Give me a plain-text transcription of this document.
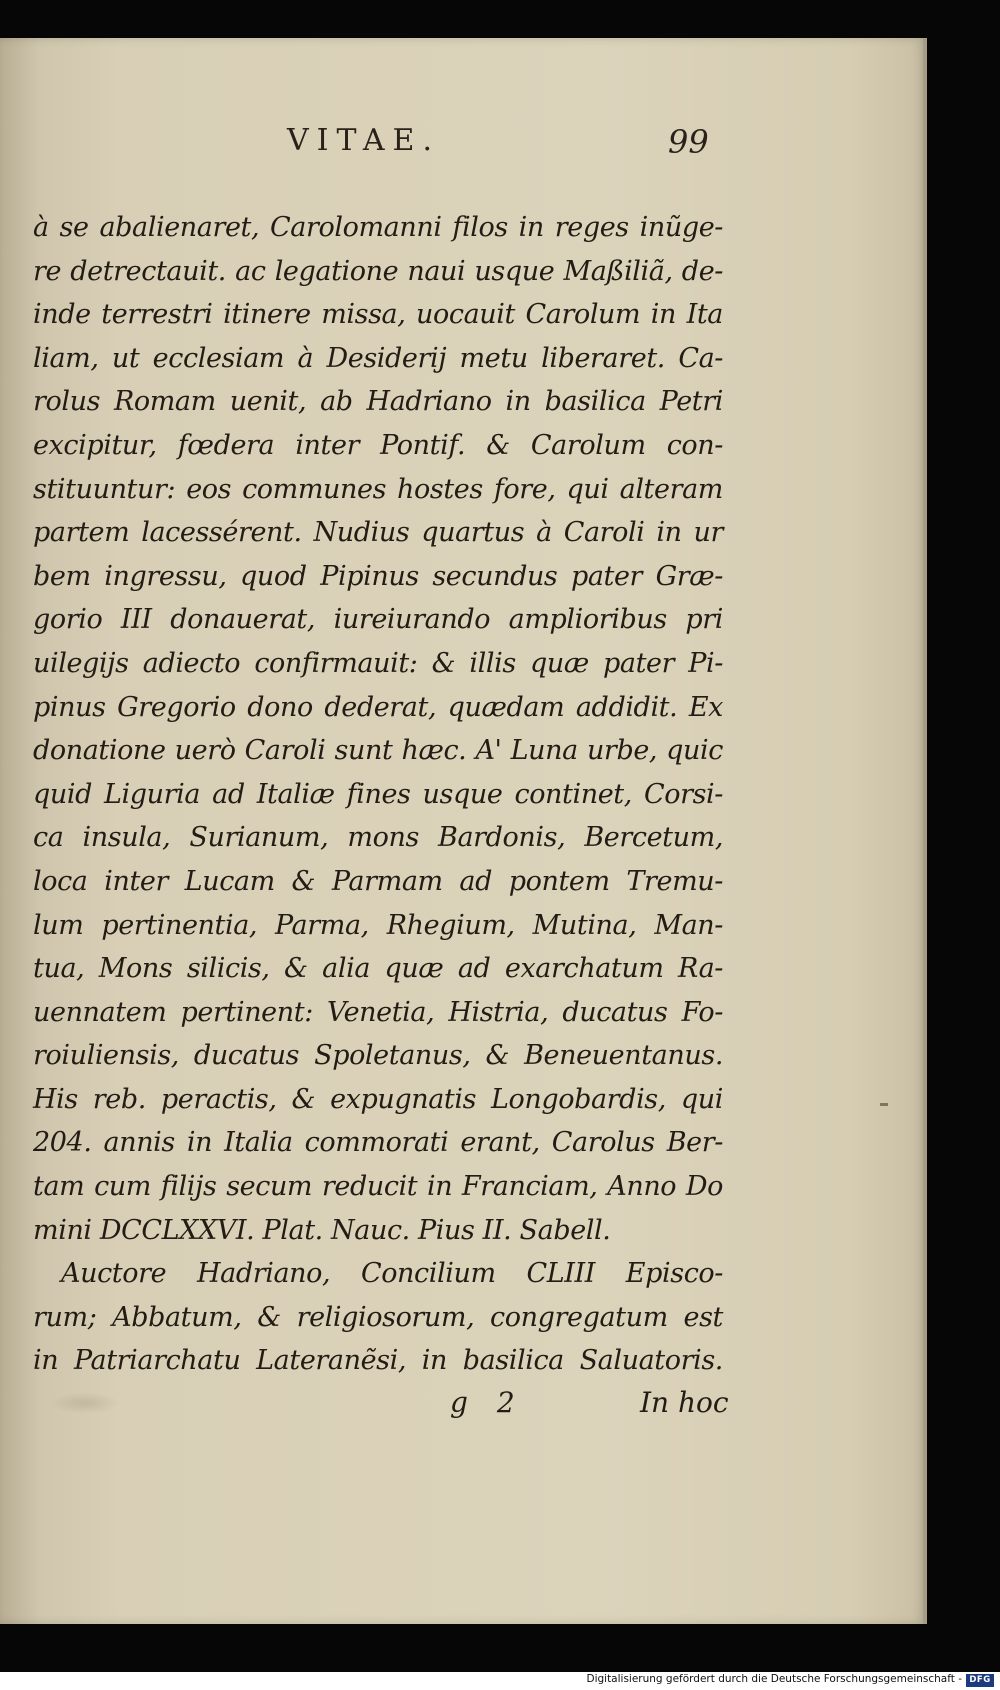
VITAE.	99
à se abalienaret, Carolomanni filos in reges inũge-
re detrectauit. ac legatione naui usque Maßiliã, de-
inde terrestri itinere missa, uocauit Carolum in Ita
liam, ut ecclesiam à Desiderij metu liberaret. Ca-
rolus Romam uenit, ab Hadriano in basilica Petri
excipitur, fœdera inter Pontif. & Carolum con-
stituuntur: eos communes hostes fore, qui alteram
partem lacessérent. Nudius quartus à Caroli in ur
bem ingressu, quod Pipinus secundus pater Græ-
gorio III donauerat, iureiurando amplioribus pri
uilegijs adiecto confirmauit: & illis quæ pater Pi-
pinus Gregorio dono dederat, quædam addidit. Ex
donatione uerò Caroli sunt hæc. A' Luna urbe, quic
quid Liguria ad Italiæ fines usque continet, Corsi-
ca insula, Surianum, mons Bardonis, Bercetum,
loca inter Lucam & Parmam ad pontem Tremu-
lum pertinentia, Parma, Rhegium, Mutina, Man-
tua, Mons silicis, & alia quæ ad exarchatum Ra-
uennatem pertinent: Venetia, Histria, ducatus Fo-
roiuliensis, ducatus Spoletanus, & Beneuentanus.
His reb. peractis, & expugnatis Longobardis, qui
204. annis in Italia commorati erant, Carolus Ber-
tam cum filijs secum reducit in Franciam, Anno Do
mini DCCLXXVI. Plat. Nauc. Pius II. Sabell.
Auctore Hadriano, Concilium CLIII Episco-
rum; Abbatum, & religiosorum, congregatum est
in Patriarchatu Lateranẽsi, in basilica Saluatoris.
g 2	In hoc
Digitalisierung gefördert durch die Deutsche Forschungsgemeinschaft - DFG
